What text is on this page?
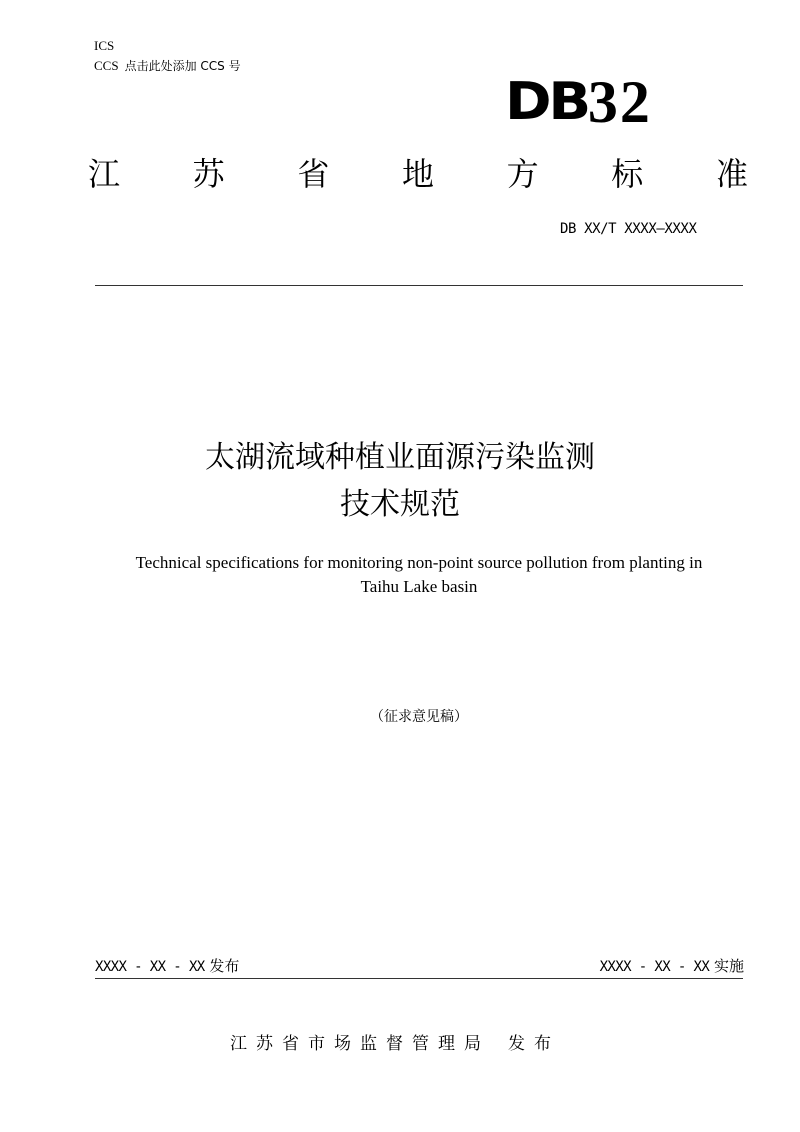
ICS
CCS 点击此处添加 CCS 号
DB 32
江 苏 省 地 方 标 准
DB XX/T XXXX—XXXX
太湖流域种植业面源污染监测
技术规范
Technical specifications for monitoring non-point source pollution from planting in
Taihu Lake basin
（征求意见稿）
XXXX - XX - XX 发布	XXXX - XX - XX 实施
江苏省市场监督管理局 发布
